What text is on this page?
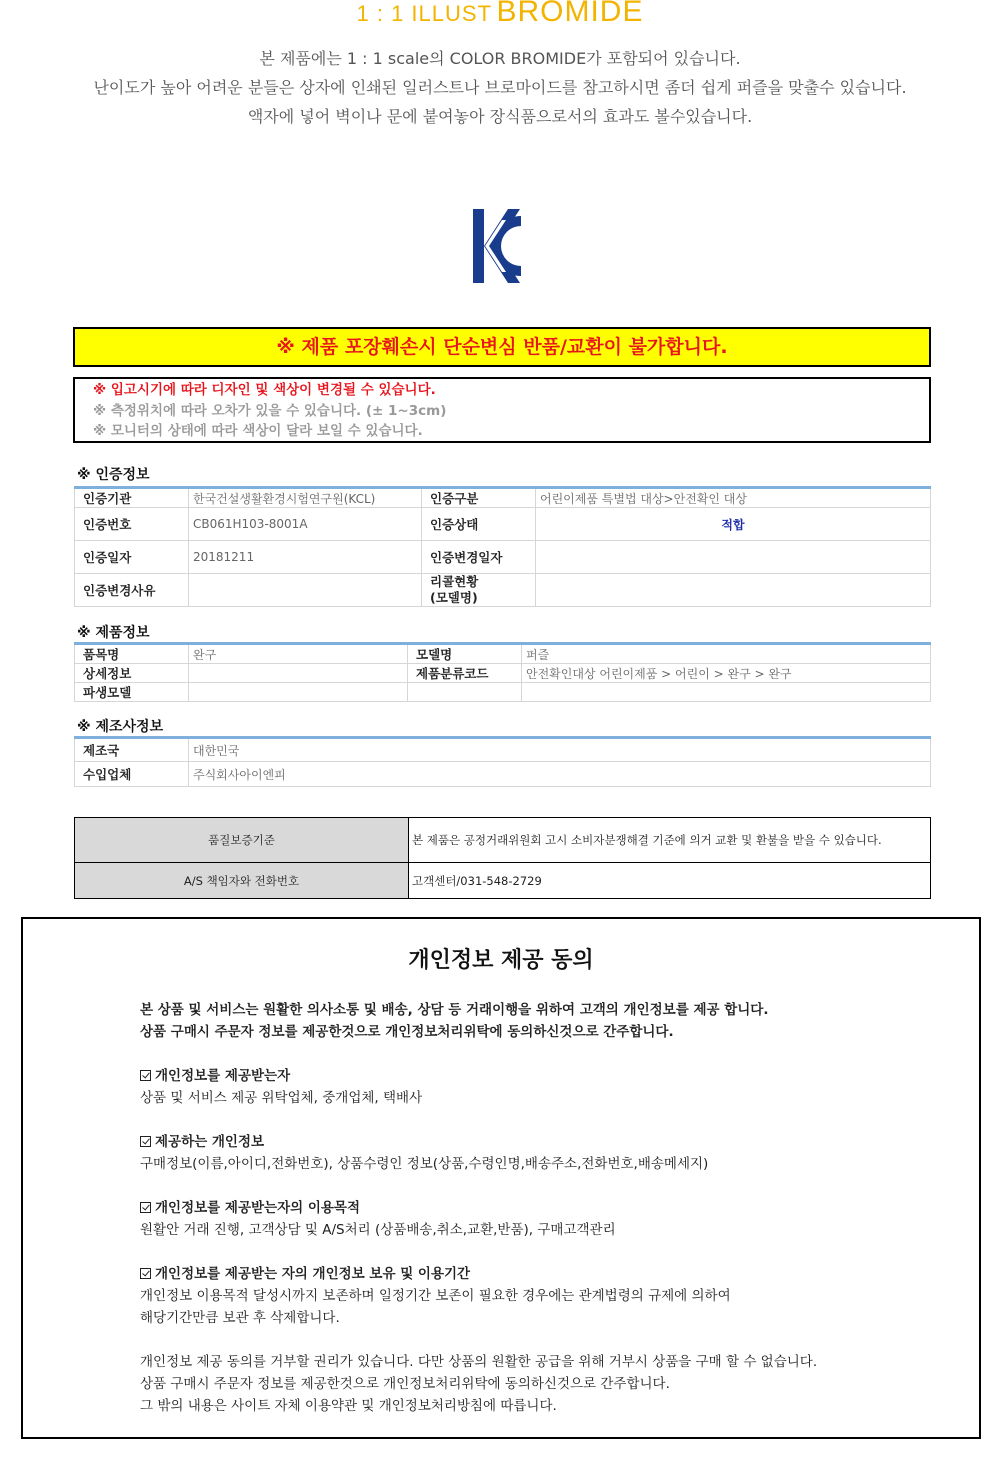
1 : 1 ILLUST BROMIDE
본 제품에는 1 : 1 scale의 COLOR BROMIDE가 포함되어 있습니다.
난이도가 높아 어려운 분들은 상자에 인쇄된 일러스트나 브로마이드를 참고하시면 좀더 쉽게 퍼즐을 맞출수 있습니다.
액자에 넣어 벽이나 문에 붙여놓아 장식품으로서의 효과도 볼수있습니다.
※ 제품 포장훼손시 단순변심 반품/교환이 불가합니다.
※ 입고시기에 따라 디자인 및 색상이 변경될 수 있습니다.
※ 측정위치에 따라 오차가 있을 수 있습니다. (± 1~3cm)
※ 모니터의 상태에 따라 색상이 달라 보일 수 있습니다.
※ 인증정보
인증기관	한국건설생활환경시험연구원(KCL)	인증구분	어린이제품 특별법 대상>안전확인 대상
인증번호	CB061H103-8001A	인증상태	적합
인증일자	20181211	인증변경일자	
인증변경사유		리콜현황
(모델명)	
※ 제품정보
품목명	완구	모델명	퍼즐
상세정보		제품분류코드	안전확인대상 어린이제품 > 어린이 > 완구 > 완구
파생모델			
※ 제조사정보
제조국	대한민국
수입업체	주식회사아이엔피
품질보증기준	본 제품은 공정거래위원회 고시 소비자분쟁해결 기준에 의거 교환 및 환불을 받을 수 있습니다.
A/S 책임자와 전화번호	고객센터/031-548-2729
개인정보 제공 동의
본 상품 및 서비스는 원활한 의사소통 및 배송, 상담 등 거래이행을 위하여 고객의 개인정보를 제공 합니다.
상품 구매시 주문자 정보를 제공한것으로 개인정보처리위탁에 동의하신것으로 간주합니다.
개인정보를 제공받는자
상품 및 서비스 제공 위탁업체, 중개업체, 택배사
제공하는 개인정보
구매정보(이름,아이디,전화번호), 상품수령인 정보(상품,수령인명,배송주소,전화번호,배송메세지)
개인정보를 제공받는자의 이용목적
원활안 거래 진행, 고객상담 및 A/S처리 (상품배송,취소,교환,반품), 구매고객관리
개인정보를 제공받는 자의 개인정보 보유 및 이용기간
개인정보 이용목적 달성시까지 보존하며 일정기간 보존이 필요한 경우에는 관계법령의 규제에 의하여
해당기간만큼 보관 후 삭제합니다.
개인정보 제공 동의를 거부할 권리가 있습니다. 다만 상품의 원활한 공급을 위해 거부시 상품을 구매 할 수 없습니다.
상품 구매시 주문자 정보를 제공한것으로 개인정보처리위탁에 동의하신것으로 간주합니다.
그 밖의 내용은 사이트 자체 이용약관 및 개인정보처리방침에 따릅니다.
